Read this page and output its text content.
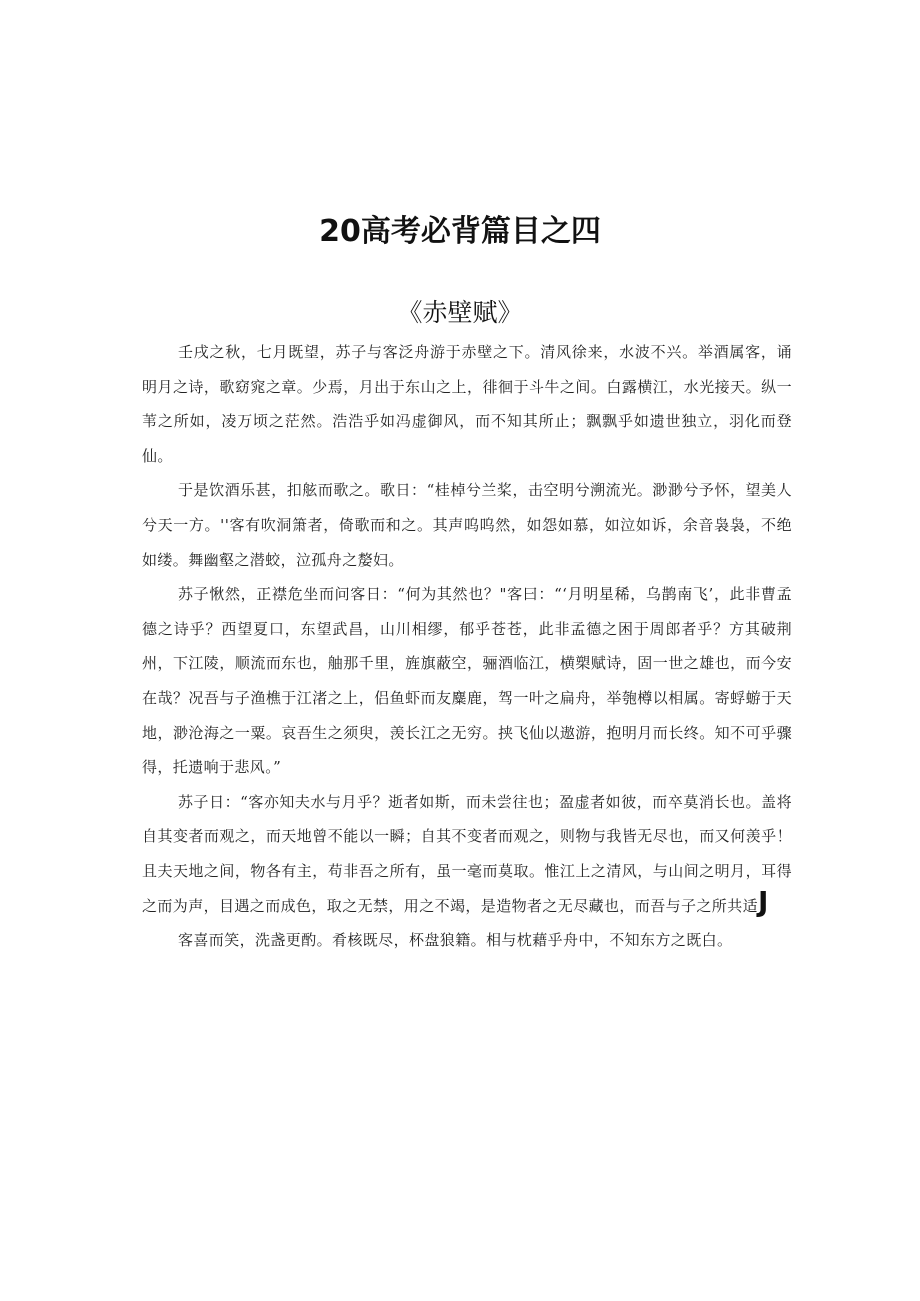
20高考必背篇目之四
《赤壁赋》

壬戌之秋，七月既望，苏子与客泛舟游于赤壁之下。清风徐来，水波不兴。举酒属客，诵明月之诗，歌窈窕之章。少焉，月出于东山之上，徘徊于斗牛之间。白露横江，水光接天。纵一苇之所如，凌万顷之茫然。浩浩乎如冯虚御风，而不知其所止；飘飘乎如遗世独立，羽化而登仙。

于是饮酒乐甚，扣舷而歌之。歌日：“桂棹兮兰桨，击空明兮溯流光。渺渺兮予怀，望美人兮天一方。''客有吹洞箫者，倚歌而和之。其声呜呜然，如怨如慕，如泣如诉，余音袅袅，不绝如缕。舞幽壑之潜蛟，泣孤舟之嫠妇。

苏子愀然，正襟危坐而问客日：“何为其然也？"客曰：“‘月明星稀，乌鹊南飞’，此非曹孟德之诗乎？西望夏口，东望武昌，山川相缪，郁乎苍苍，此非孟德之困于周郎者乎？方其破荆州，下江陵，顺流而东也，舳那千里，旌旗蔽空，骊酒临江，横槊赋诗，固一世之雄也，而今安在哉？况吾与子渔樵于江渚之上，侣鱼虾而友麋鹿，驾一叶之扁舟，举匏樽以相属。寄蜉蝣于天地，渺沧海之一粟。哀吾生之须臾，羡长江之无穷。挟飞仙以遨游，抱明月而长终。知不可乎骤得，托遗响于悲风。”

苏子日：“客亦知夫水与月乎？逝者如斯，而未尝往也；盈虚者如彼，而卒莫消长也。盖将自其变者而观之，而天地曾不能以一瞬；自其不变者而观之，则物与我皆无尽也，而又何羡乎！且夫天地之间，物各有主，苟非吾之所有，虽一毫而莫取。惟江上之清风，与山间之明月，耳得之而为声，目遇之而成色，取之无禁，用之不竭，是造物者之无尽藏也，而吾与子之所共适J

客喜而笑，洗盏更酌。肴核既尽，杯盘狼籍。相与枕藉乎舟中，不知东方之既白。
